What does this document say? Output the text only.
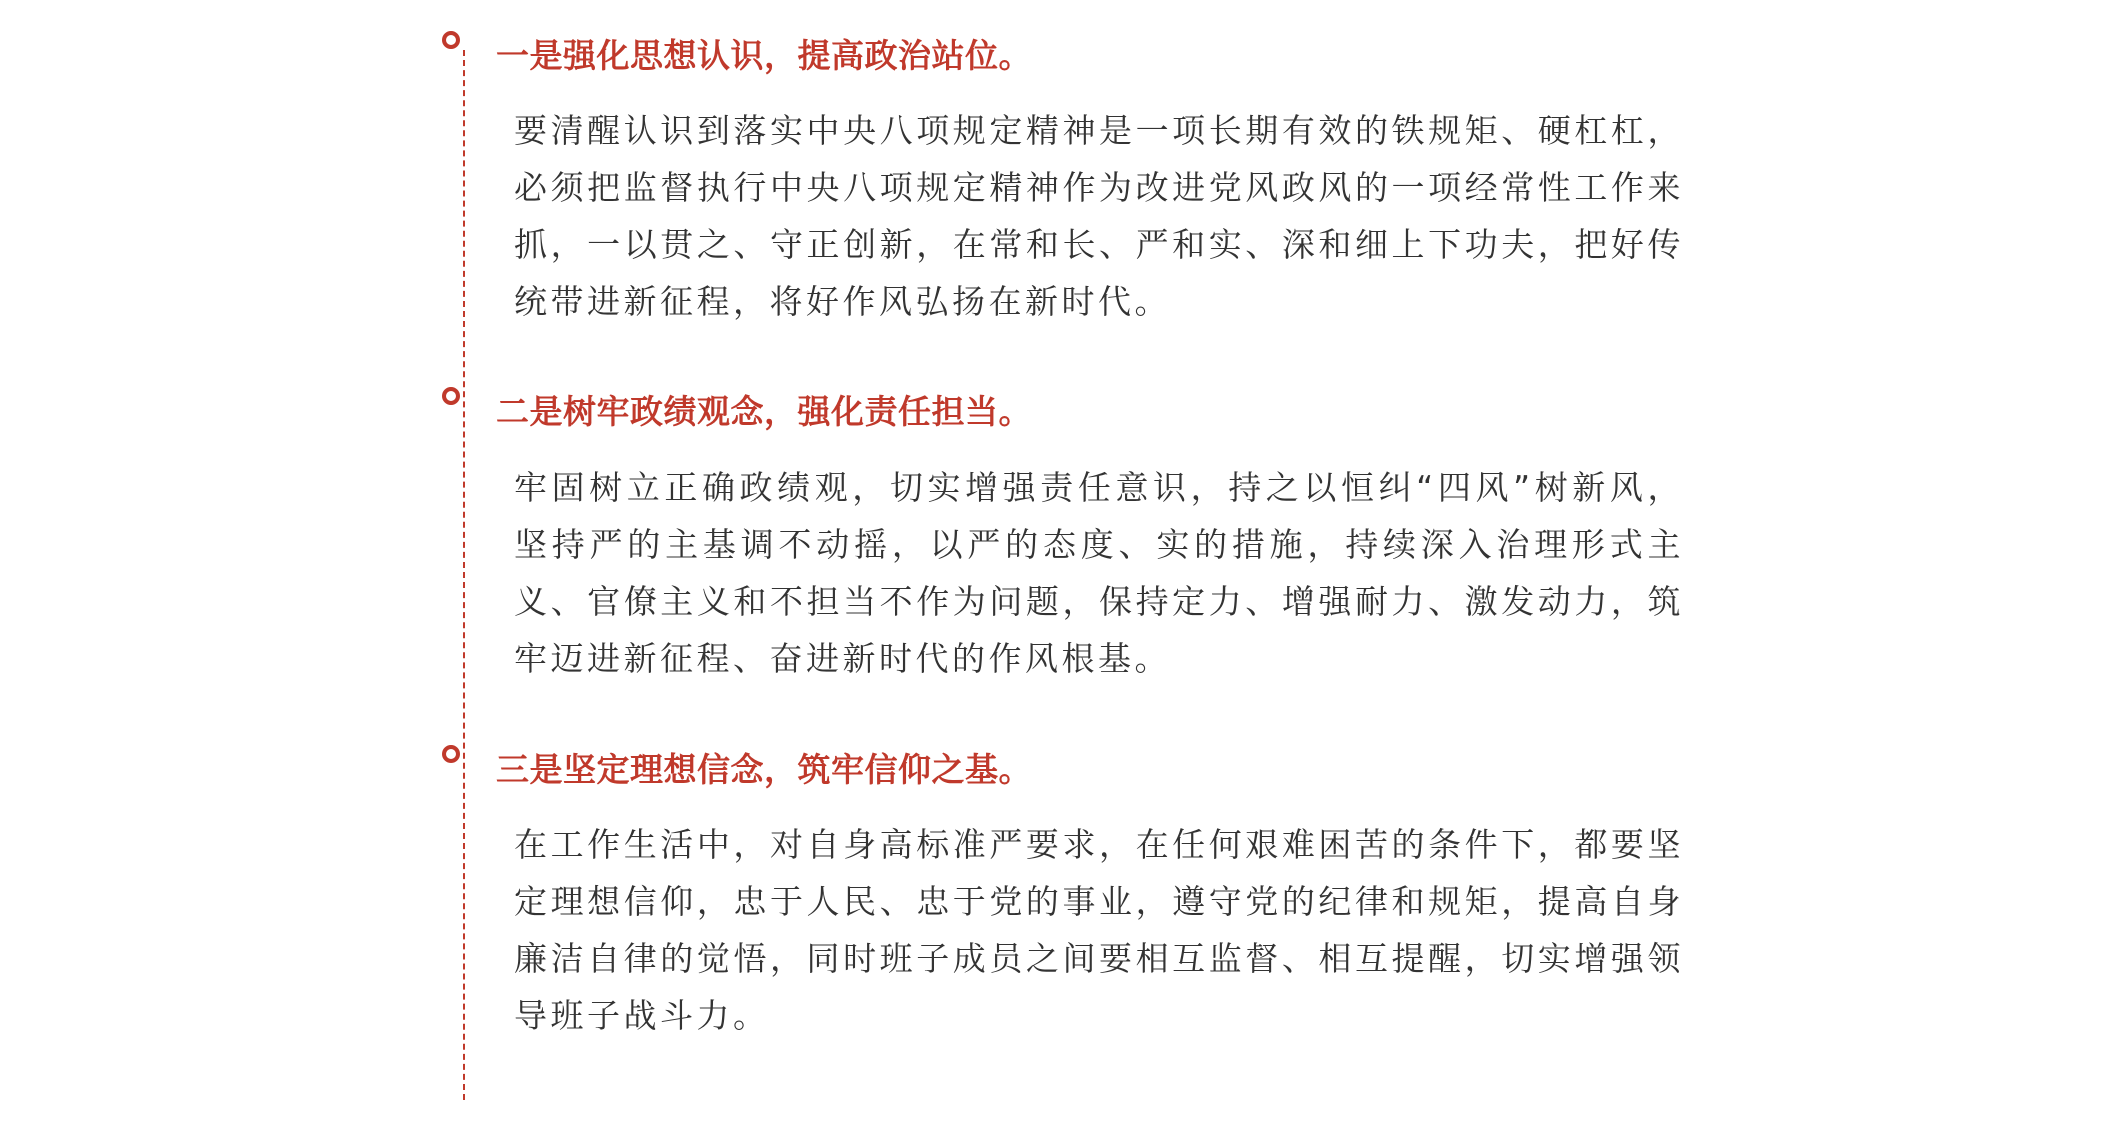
一是强化思想认识，提高政治站位。
要清醒认识到落实中央八项规定精神是一项长期有效的铁规矩、硬杠杠，必须把监督执行中央八项规定精神作为改进党风政风的一项经常性工作来抓，一以贯之、守正创新，在常和长、严和实、深和细上下功夫，把好传统带进新征程，将好作风弘扬在新时代。
二是树牢政绩观念，强化责任担当。
牢固树立正确政绩观，切实增强责任意识，持之以恒纠“四风”树新风，坚持严的主基调不动摇，以严的态度、实的措施，持续深入治理形式主义、官僚主义和不担当不作为问题，保持定力、增强耐力、激发动力，筑牢迈进新征程、奋进新时代的作风根基。
三是坚定理想信念，筑牢信仰之基。
在工作生活中，对自身高标准严要求，在任何艰难困苦的条件下，都要坚定理想信仰，忠于人民、忠于党的事业，遵守党的纪律和规矩，提高自身廉洁自律的觉悟，同时班子成员之间要相互监督、相互提醒，切实增强领导班子战斗力。
